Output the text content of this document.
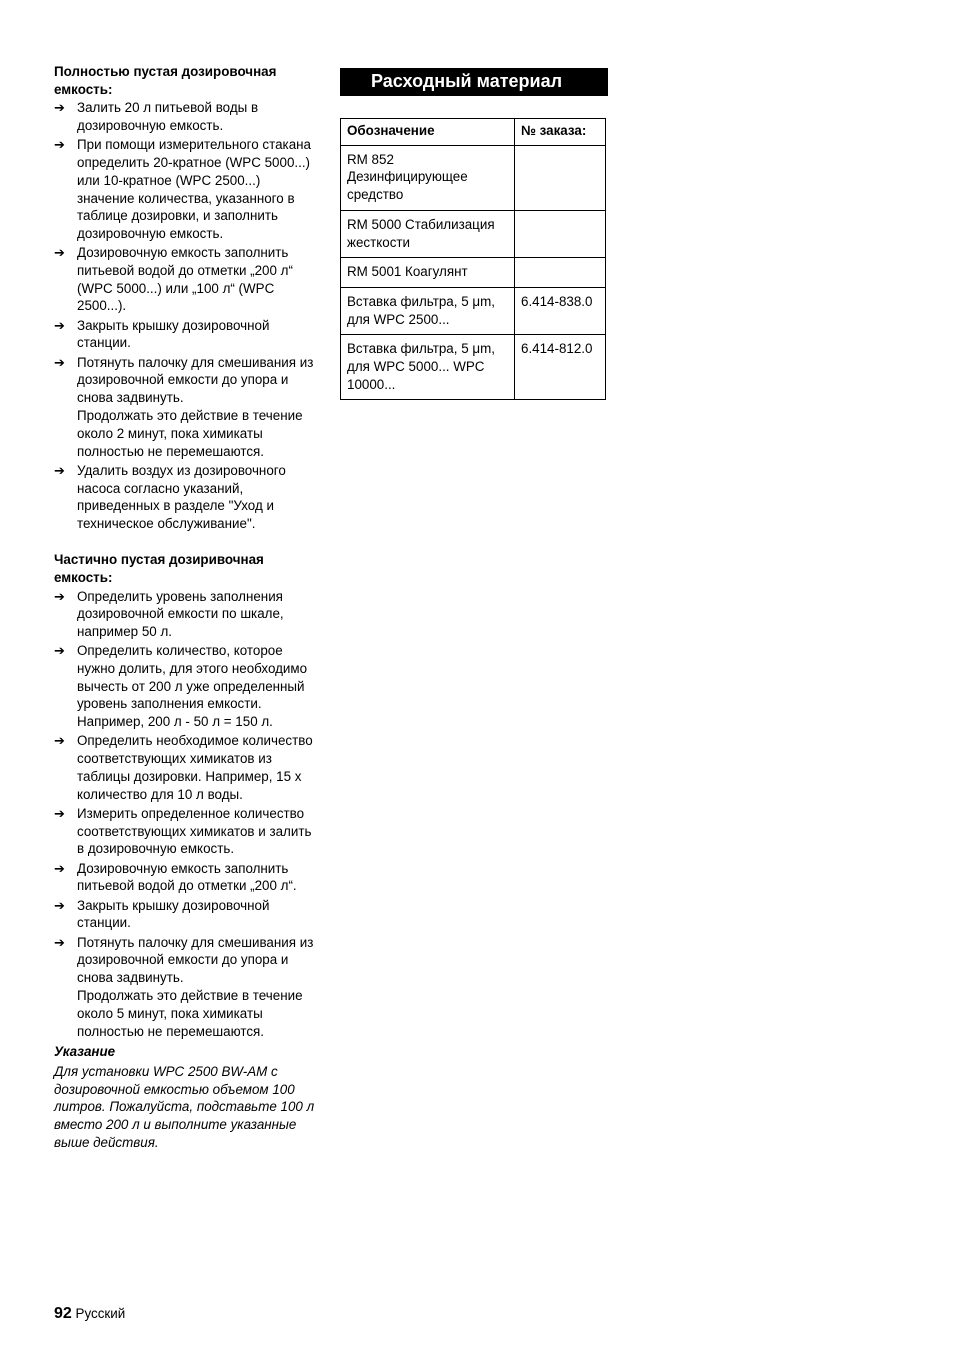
Полностью пустая дозировочная емкость:

➔ Залить 20 л питьевой воды в дозировочную емкость.
➔ При помощи измерительного стакана определить 20-кратное (WPC 5000...) или 10-кратное (WPC 2500...) значение количества, указанного в таблице дозировки, и заполнить дозировочную емкость.
➔ Дозировочную емкость заполнить питьевой водой до отметки „200 л“ (WPC 5000...) или „100 л“ (WPC 2500...).
➔ Закрыть крышку дозировочной станции.
➔ Потянуть палочку для смешивания из дозировочной емкости до упора и снова задвинуть.
Продолжать это действие в течение около 2 минут, пока химикаты полностью не перемешаются.
➔ Удалить воздух из дозировочного насоса согласно указаний, приведенных в разделе "Уход и техническое обслуживание".

Частично пустая дозиривочная емкость:

➔ Определить уровень заполнения дозировочной емкости по шкале, например 50 л.
➔ Определить количество, которое нужно долить, для этого необходимо вычесть от 200 л уже определенный уровень заполнения емкости. Например, 200 л - 50 л = 150 л.
➔ Определить необходимое количество соответствующих химикатов из таблицы дозировки. Например, 15 x количество для 10 л воды.
➔ Измерить определенное количество соответствующих химикатов и залить в дозировочную емкость.
➔ Дозировочную емкость заполнить питьевой водой до отметки „200 л“.
➔ Закрыть крышку дозировочной станции.
➔ Потянуть палочку для смешивания из дозировочной емкости до упора и снова задвинуть.
Продолжать это действие в течение около 5 минут, пока химикаты полностью не перемешаются.
Указание
Для установки WPC 2500 BW-AM с дозировочной емкостью объемом 100 литров. Пожалуйста, подставьте 100 л вместо 200 л и выполните указанные выше действия.
Расходный материал
Обозначение	№ заказа:
RM 852 Дезинфицирующее средство	
RM 5000 Стабилизация жесткости	
RM 5001 Коагулянт	
Вставка фильтра, 5 μm, для WPC 2500...	6.414-838.0
Вставка фильтра, 5 μm, для WPC 5000... WPC 10000...	6.414-812.0
92 Русский
